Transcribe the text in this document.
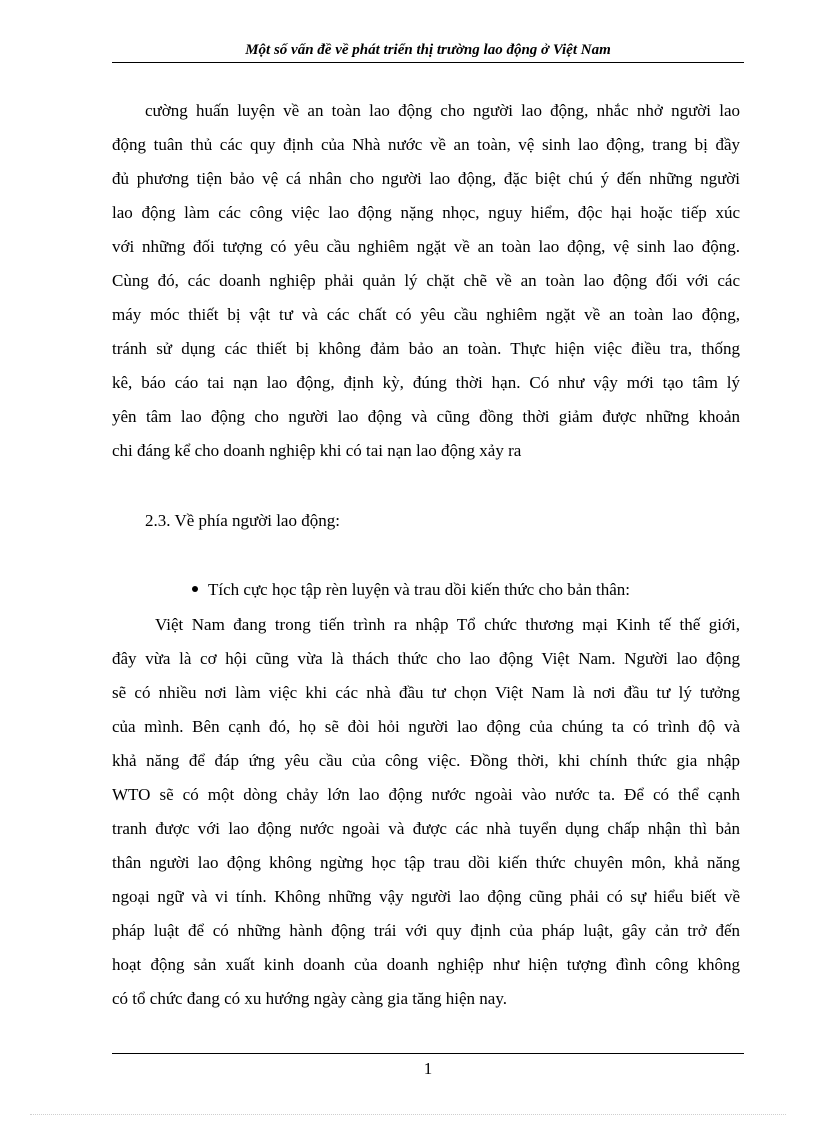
Một số vấn đề về phát triển thị trường lao động ở Việt Nam
cường huấn luyện về an toàn lao động cho người lao động, nhắc nhở người lao
động tuân thủ các quy định của Nhà nước về an toàn, vệ sinh lao động, trang bị đầy
đủ phương tiện bảo vệ cá nhân cho người lao động, đặc biệt chú ý đến những người
lao động làm các công việc lao động nặng nhọc, nguy hiểm, độc hại hoặc tiếp xúc
với những đối tượng có yêu cầu nghiêm ngặt về an toàn lao động, vệ sinh lao động.
Cùng đó, các doanh nghiệp phải quản lý chặt chẽ về an toàn lao động đối với các
máy móc thiết bị vật tư và các chất có yêu cầu nghiêm ngặt về an toàn lao động,
tránh sử dụng các thiết bị không đảm bảo an toàn. Thực hiện việc điều tra, thống
kê, báo cáo tai nạn lao động, định kỳ, đúng thời hạn. Có như vậy mới tạo tâm lý
yên tâm lao động cho người lao động và cũng đồng thời giảm được những khoản
chi đáng kể cho doanh nghiệp khi có tai nạn lao động xảy ra
2.3. Về phía người lao động:
Tích cực học tập rèn luyện và trau dồi kiến thức cho bản thân:
Việt Nam đang trong tiến trình ra nhập Tổ chức thương mại Kinh tế thế giới,
đây vừa là cơ hội cũng vừa là thách thức cho lao động Việt Nam. Người lao động
sẽ có nhiều nơi làm việc khi các nhà đầu tư chọn Việt Nam là nơi đầu tư lý tưởng
của mình. Bên cạnh đó, họ sẽ đòi hỏi người lao động của chúng ta có trình độ và
khả năng để đáp ứng yêu cầu của công việc. Đồng thời, khi chính thức gia nhập
WTO sẽ có một dòng chảy lớn lao động nước ngoài vào nước ta. Để có thể cạnh
tranh được với lao động nước ngoài và được các nhà tuyển dụng chấp nhận thì bản
thân người lao động không ngừng học tập trau dồi kiến thức chuyên môn, khả năng
ngoại ngữ và vi tính. Không những vậy người lao động cũng phải có sự hiểu biết về
pháp luật để có những hành động trái với quy định của pháp luật, gây cản trở đến
hoạt động sản xuất kinh doanh của doanh nghiệp như hiện tượng đình công không
có tổ chức đang có xu hướng ngày càng gia tăng hiện nay.
1
